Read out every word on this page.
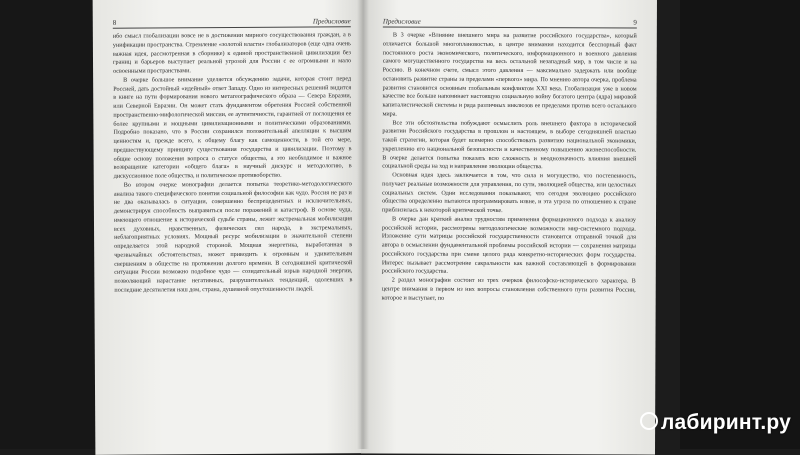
8	Предисловие

ибо смысл глобализации вовсе не в достижении мирного сосуществования граждан, а в унификации пространства. Стремление «золотой власти» глобализаторов (еще одна очень важная идея, рассмотренная в сборнике) к единой пространственной цивилизации без границ и барьеров выступает реальной угрозой для России с ее огромными и мало освоенными пространствами.

В очерке большое внимание уделяется обсуждению задачи, которая стоит перед Россией, дать достойный «идейный» ответ Западу. Одно из интересных решений видится в книге на пути формирования нового метагеографического образа — Севера Евразии, или Северной Евразии. Он может стать фундаментом обретения Россией собственной пространственно-мифологической миссии, ее аутентичности, гарантией от поглощения ее более крупными и мощными цивилизационными и политическими образованиями. Подробно показано, что в России сохранился положительный апелляции к высшим ценностям и, прежде всего, к общему благу как самоценности, в той его мере, предшествующему принципу существования государства и цивилизации. Поэтому в общие основу положения вопроса о статусе общества, а это необходимое и важное возвращение категории «общего блага» в научный дискурс и методологию, в дискуссионное поле общества, и политическое противоборство.

Во втором очерке монографии делается попытка теоретико-методологического анализа такого специфического понятия социальной философии как чудо. Россия не раз и не два оказывалась в ситуации, совершенно беспрецедентных и исключительных, демонстрируя способность выправиться после поражений и катастроф. В основе чуда, имеющего отношение к исторической судьбе страны, лежит экстремальная мобилизация всех духовных, нравственных, физических сил народа, в экстремальных, неблагоприятных условиях. Мощный ресурс мобилизации в значительной степени определяется этой народной стороной. Мощная энергетика, выработанная в чрезвычайных обстоятельствах, может приводить к огромным и удивительным свершениям в обществе на протяжении долгого времени. В сегодняшней критической ситуации России возможно подобное чудо — созидательный взрыв народной энергии, позволяющий нарастание негативных, разрушительных тенденций, одолевших в последние десятилетия наш дом, страна, душевной опустошенности людей.

Предисловие	9

В 3 очерке «Влияние внешнего мира на развитие российского государства», который отличается большой многоплановостью, в центре внимания находится бесспорный факт постоянного роста экономического, политического, информационного и военного давления самого могущественного государства на весь остальной незападный мир, в том числе и на Россию. В конечном счете, смысл этого давления — максимально задержать или вообще остановить развитие страны за пределами «первого» мира. По мнению автора очерка, проблема развития становится основным глобальным конфликтом XXI века. Глобализация уже в новом качестве все больше напоминает настоящую социальную войну богатого центра (ядра) мировой капиталистической системы и ряда различных инклюзов ее пределами против всего остального мира.

Все эти обстоятельства побуждают осмыслить роль внешнего фактора в исторической развитии Российского государства в прошлом и настоящем, в выборе сегодняшней властью такой стратегии, которая будет всемерно способствовать развитию национальной экономики, укреплению его национальной безопасности и качественному повышению жизнеспособности. В очерке делается попытка показать всю сложность и неоднозначность влияния внешней социальной среды на ход и направление эволюции общества.

Основная идея здесь заключается в том, что сила и могущество, что постепенность, получает реальные возможности для управления, по сути, эволюцией общества, или целостных социальных систем. Одни исследования показывают, что сегодня эволюцию российского общества определенно пытаются программировать извне, и эта угроза по отношению к стране приблизилась к некоторой критической точке.

В очерке дан краткий анализ трудностям применения формационного подхода к анализу российской истории, рассмотрены методологические возможности мир-системного подхода. Изложение сути матрицы российской государственности становится отправной точкой для автора в осмыслении фундаментальной проблемы российской истории — сохранения матрицы российского государства при смене целого ряда конкретно-исторических форм государства. Интерес вызывает рассмотрение сакральности как важной составляющей в формировании российского государства.

2 раздел монографии состоит из трех очерков философско-исторического характера. В центре внимания в первом из них вопросы становления собственного пути развития России, которое и выступает, по

лабиринт.ру
